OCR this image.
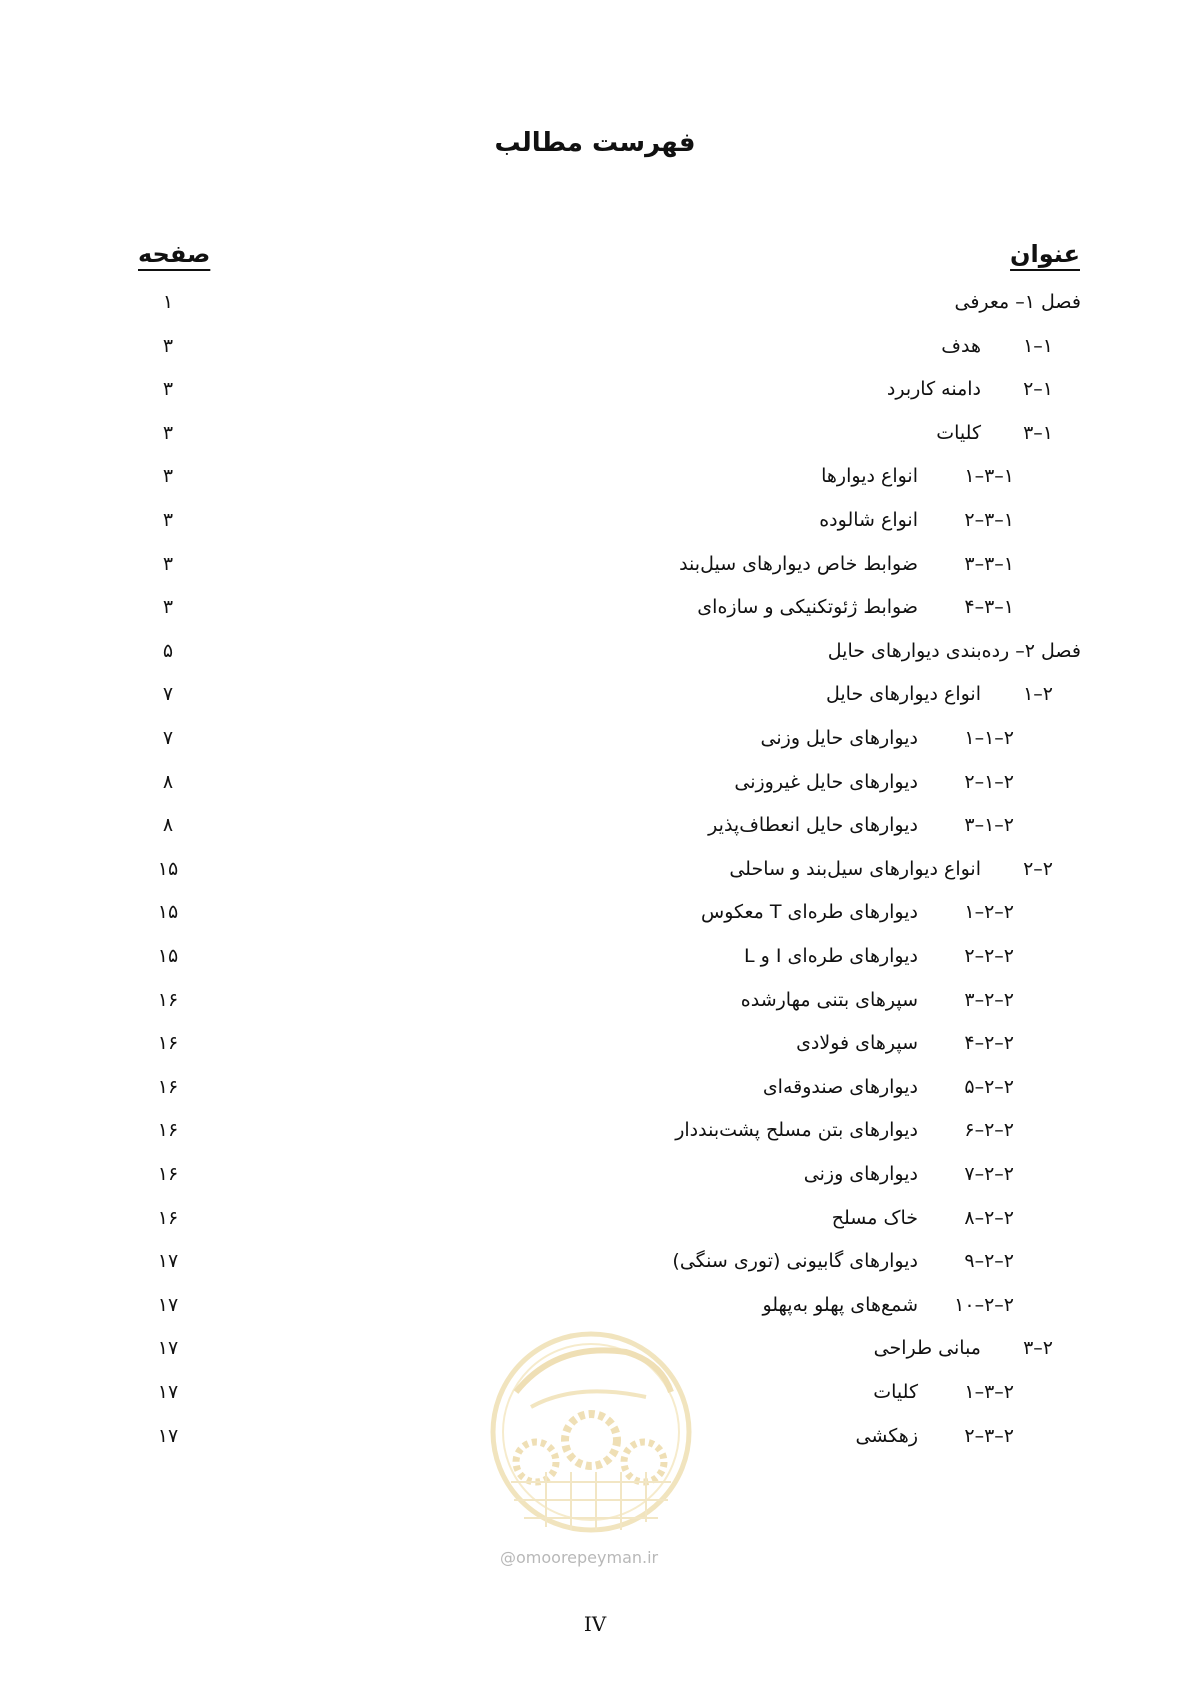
فهرست مطالب
عنوان
صفحه
فصل ۱– معرفی
۱
۱–۱هدف
۳
۱–۲دامنه کاربرد
۳
۱–۳کلیات
۳
۱–۳–۱انواع دیوارها
۳
۱–۳–۲انواع شالوده
۳
۱–۳–۳ضوابط خاص دیوارهای سیل‌بند
۳
۱–۳–۴ضوابط ژئوتکنیکی و سازه‌ای
۳
فصل ۲– رده‌بندی دیوارهای حایل
۵
۲–۱انواع دیوارهای حایل
۷
۲–۱–۱دیوارهای حایل وزنی
۷
۲–۱–۲دیوارهای حایل غیروزنی
۸
۲–۱–۳دیوارهای حایل انعطاف‌پذیر
۸
۲–۲انواع دیوارهای سیل‌بند و ساحلی
۱۵
۲–۲–۱دیوارهای طره‌ای T معکوس
۱۵
۲–۲–۲دیوارهای طره‌ای I و L
۱۵
۲–۲–۳سپرهای بتنی مهارشده
۱۶
۲–۲–۴سپرهای فولادی
۱۶
۲–۲–۵دیوارهای صندوقه‌ای
۱۶
۲–۲–۶دیوارهای بتن مسلح پشت‌بنددار
۱۶
۲–۲–۷دیوارهای وزنی
۱۶
۲–۲–۸خاک مسلح
۱۶
۲–۲–۹دیوارهای گابیونی (توری سنگی)
۱۷
۲–۲–۱۰شمع‌های پهلو به‌پهلو
۱۷
۲–۳مبانی طراحی
۱۷
۲–۳–۱کلیات
۱۷
۲–۳–۲زهکشی
۱۷
@omoorepeyman.ir
IV
